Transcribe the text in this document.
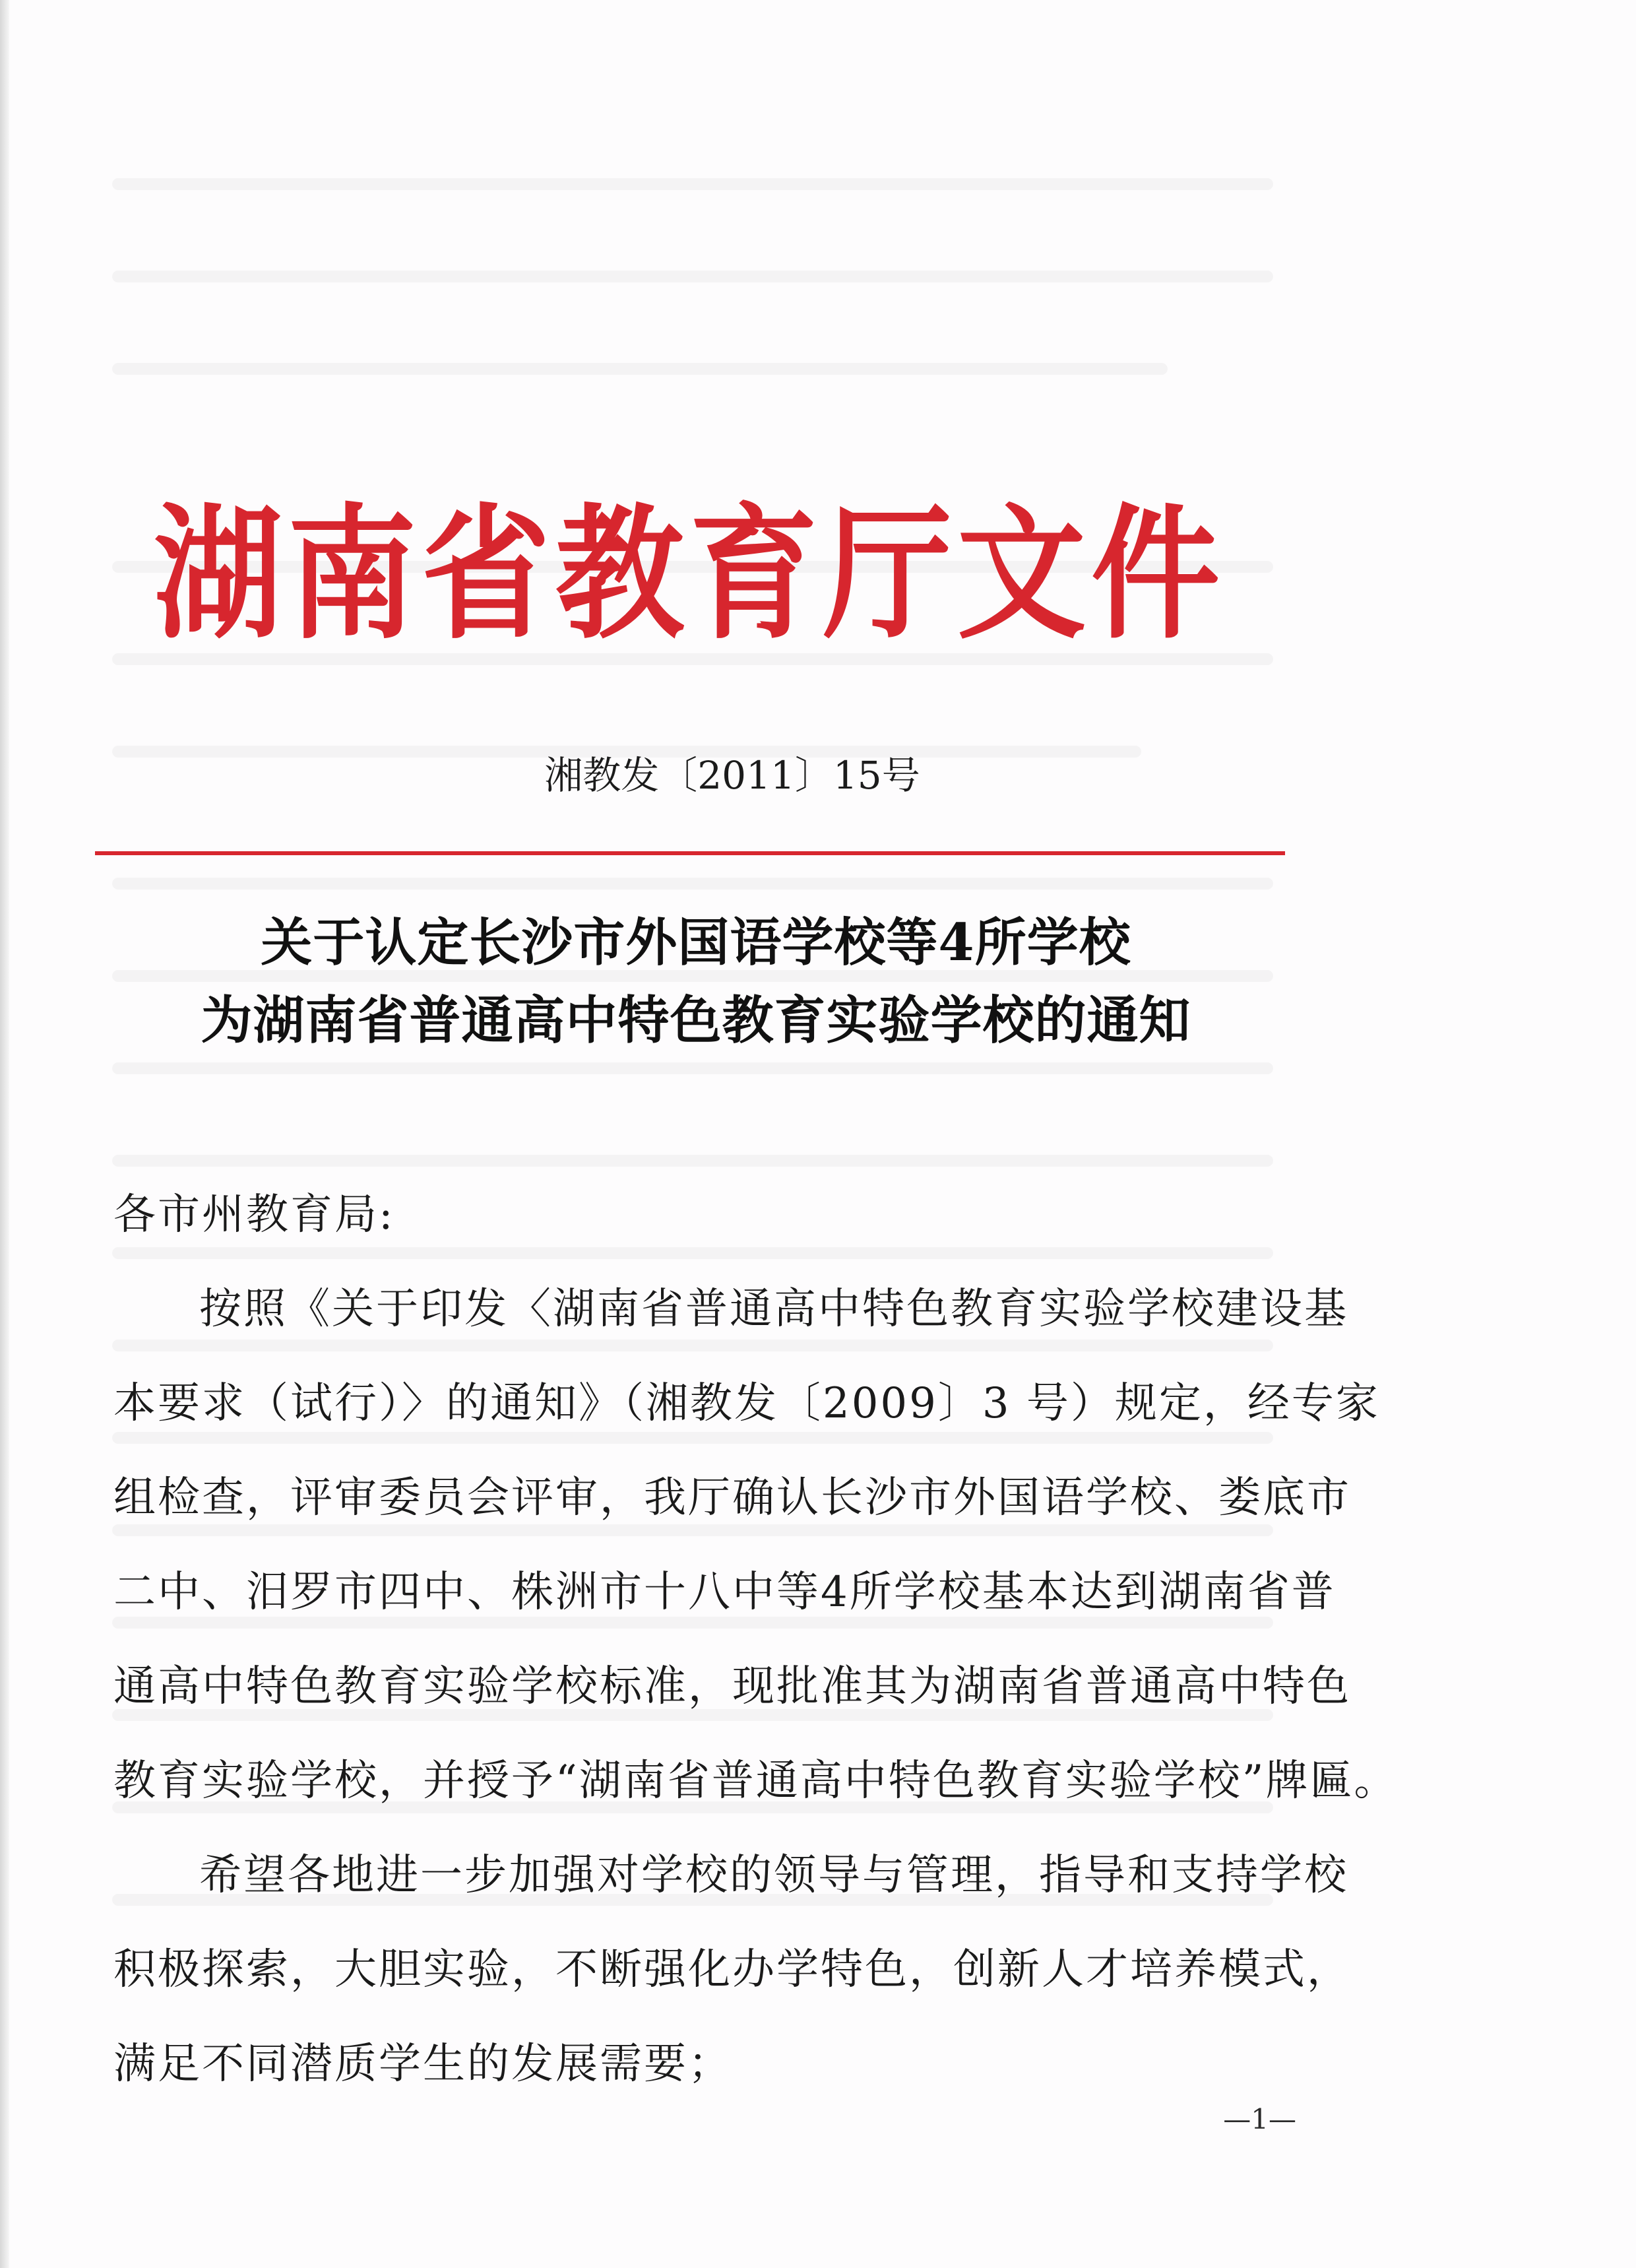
湖南省教育厅文件
湘教发〔2011〕15号
关于认定长沙市外国语学校等4所学校
为湖南省普通高中特色教育实验学校的通知
各市州教育局:
按照《关于印发〈湖南省普通高中特色教育实验学校建设基
本要求（试行）〉的通知》（湘教发〔2009〕3 号）规定，经专家
组检查，评审委员会评审，我厅确认长沙市外国语学校、娄底市
二中、汨罗市四中、株洲市十八中等4所学校基本达到湖南省普
通高中特色教育实验学校标准，现批准其为湖南省普通高中特色
教育实验学校，并授予“湖南省普通高中特色教育实验学校”牌匾。
希望各地进一步加强对学校的领导与管理，指导和支持学校
积极探索，大胆实验，不断强化办学特色，创新人才培养模式，
满足不同潜质学生的发展需要；
—1—
